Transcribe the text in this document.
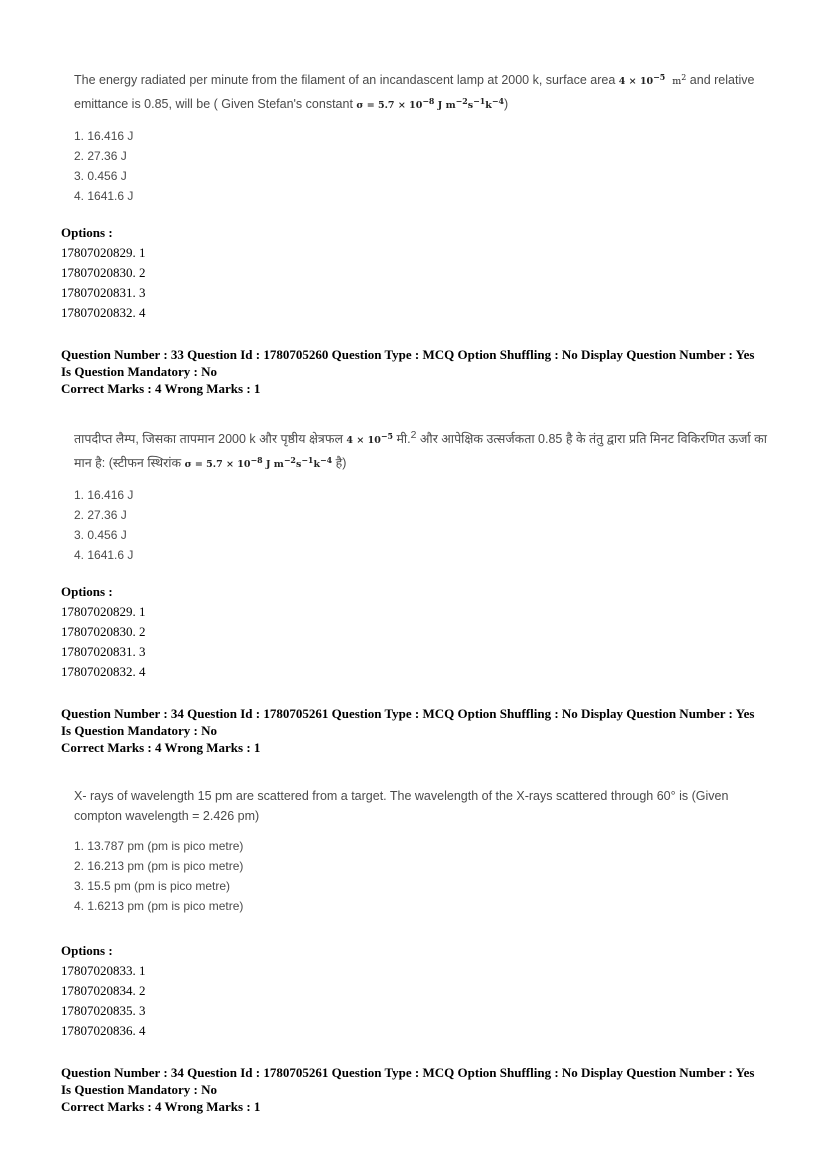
The energy radiated per minute from the filament of an incandascent lamp at 2000 k, surface area $4 \times 10^{-5}$ $m^2$ and relative emittance is 0.85, will be ( Given Stefan's constant $\sigma = 5.7 \times 10^{-8}$ J $m^{-2}s^{-1}k^{-4}$)
1. 16.416 J
2. 27.36 J
3. 0.456 J
4. 1641.6 J
Options :
17807020829. 1
17807020830. 2
17807020831. 3
17807020832. 4
Question Number : 33 Question Id : 1780705260 Question Type : MCQ Option Shuffling : No Display Question Number : Yes
Is Question Mandatory : No
Correct Marks : 4 Wrong Marks : 1
तापदीप्त लैम्प, जिसका तापमान 2000 k और पृष्ठीय क्षेत्रफल $4 \times 10^{-5}$ मी.$^2$ और आपेक्षिक उत्सर्जकता 0.85 है के तंतु द्वारा प्रति मिनट विकिरणित ऊर्जा का मान है: (स्टीफन स्थिरांक $\sigma = 5.7 \times 10^{-8}$ J $m^{-2}s^{-1}k^{-4}$ है)
1. 16.416 J
2. 27.36 J
3. 0.456 J
4. 1641.6 J
Options :
17807020829. 1
17807020830. 2
17807020831. 3
17807020832. 4
Question Number : 34 Question Id : 1780705261 Question Type : MCQ Option Shuffling : No Display Question Number : Yes
Is Question Mandatory : No
Correct Marks : 4 Wrong Marks : 1
X- rays of wavelength 15 pm are scattered from a target. The wavelength of the X-rays scattered through 60° is (Given compton wavelength = 2.426 pm)
1. 13.787 pm (pm is pico metre)
2. 16.213 pm (pm is pico metre)
3. 15.5 pm (pm is pico metre)
4. 1.6213 pm (pm is pico metre)
Options :
17807020833. 1
17807020834. 2
17807020835. 3
17807020836. 4
Question Number : 34 Question Id : 1780705261 Question Type : MCQ Option Shuffling : No Display Question Number : Yes
Is Question Mandatory : No
Correct Marks : 4 Wrong Marks : 1
